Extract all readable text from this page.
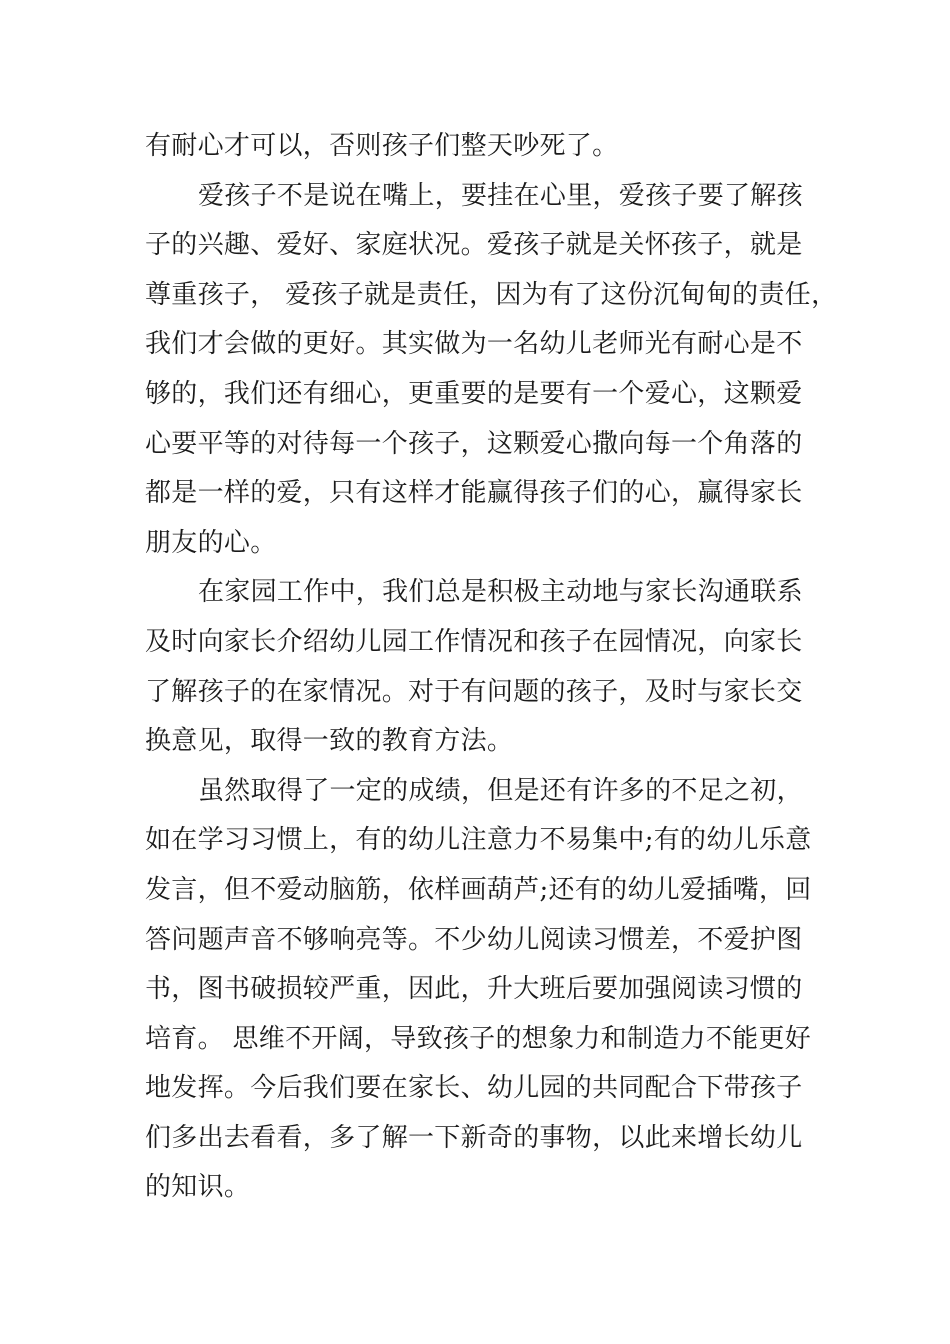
有耐心才可以，否则孩子们整天吵死了。
爱孩子不是说在嘴上，要挂在心里，爱孩子要了解孩
子的兴趣、爱好、家庭状况。爱孩子就是关怀孩子，就是
尊重孩子， 爱孩子就是责任，因为有了这份沉甸甸的责任，
我们才会做的更好。其实做为一名幼儿老师光有耐心是不
够的，我们还有细心，更重要的是要有一个爱心，这颗爱
心要平等的对待每一个孩子，这颗爱心撒向每一个角落的
都是一样的爱，只有这样才能赢得孩子们的心，赢得家长
朋友的心。
在家园工作中，我们总是积极主动地与家长沟通联系
及时向家长介绍幼儿园工作情况和孩子在园情况，向家长
了解孩子的在家情况。对于有问题的孩子，及时与家长交
换意见，取得一致的教育方法。
虽然取得了一定的成绩，但是还有许多的不足之初，
如在学习习惯上，有的幼儿注意力不易集中;有的幼儿乐意
发言，但不爱动脑筋，依样画葫芦;还有的幼儿爱插嘴，回
答问题声音不够响亮等。不少幼儿阅读习惯差，不爱护图
书，图书破损较严重，因此，升大班后要加强阅读习惯的
培育。 思维不开阔，导致孩子的想象力和制造力不能更好
地发挥。今后我们要在家长、幼儿园的共同配合下带孩子
们多出去看看，多了解一下新奇的事物，以此来增长幼儿
的知识。
